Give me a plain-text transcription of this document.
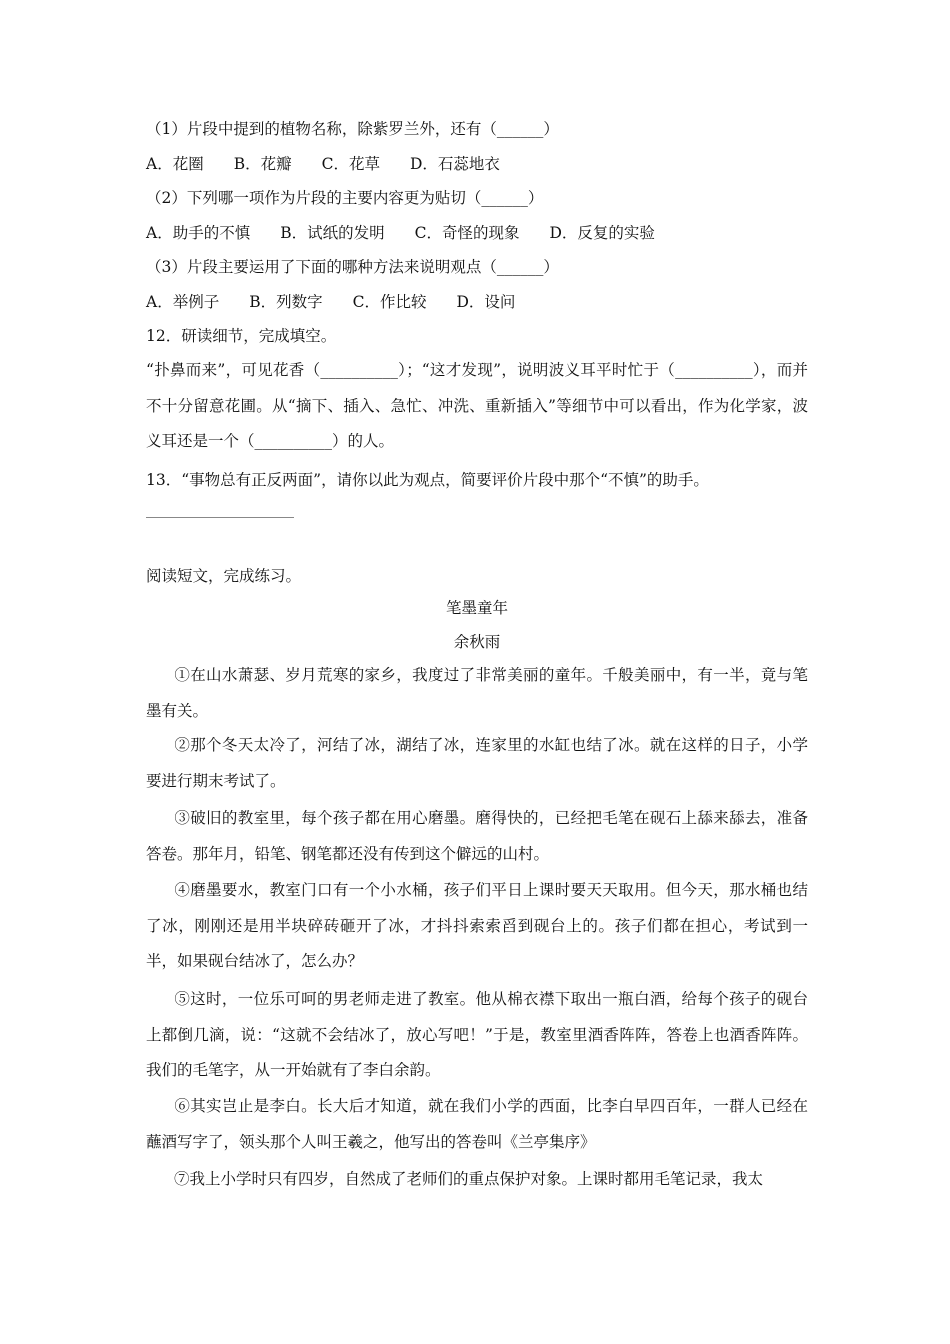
（1）片段中提到的植物名称，除紫罗兰外，还有（______）
A．花圈 B．花瓣 C．花草 D．石蕊地衣
（2）下列哪一项作为片段的主要内容更为贴切（______）
A．助手的不慎 B．试纸的发明 C．奇怪的现象 D．反复的实验
（3）片段主要运用了下面的哪种方法来说明观点（______）
A．举例子 B．列数字 C．作比较 D．设问
12．研读细节，完成填空。
“扑鼻而来”，可见花香（__________）；“这才发现”，说明波义耳平时忙于（__________），而并不十分留意花圃。从“摘下、插入、急忙、冲洗、重新插入”等细节中可以看出，作为化学家，波义耳还是一个（__________）的人。
13．“事物总有正反两面”，请你以此为观点，简要评价片段中那个“不慎”的助手。
阅读短文，完成练习。
笔墨童年
余秋雨
①在山水萧瑟、岁月荒寒的家乡，我度过了非常美丽的童年。千般美丽中，有一半，竟与笔墨有关。
②那个冬天太冷了，河结了冰，湖结了冰，连家里的水缸也结了冰。就在这样的日子，小学要进行期末考试了。
③破旧的教室里，每个孩子都在用心磨墨。磨得快的，已经把毛笔在砚石上舔来舔去，准备答卷。那年月，铅笔、钢笔都还没有传到这个僻远的山村。
④磨墨要水，教室门口有一个小水桶，孩子们平日上课时要天天取用。但今天，那水桶也结了冰，刚刚还是用半块碎砖砸开了冰，才抖抖索索舀到砚台上的。孩子们都在担心，考试到一半，如果砚台结冰了，怎么办？
⑤这时，一位乐可呵的男老师走进了教室。他从棉衣襟下取出一瓶白酒，给每个孩子的砚台上都倒几滴，说：“这就不会结冰了，放心写吧！”于是，教室里酒香阵阵，答卷上也酒香阵阵。我们的毛笔字，从一开始就有了李白余韵。
⑥其实岂止是李白。长大后才知道，就在我们小学的西面，比李白早四百年，一群人已经在蘸酒写字了，领头那个人叫王羲之，他写出的答卷叫《兰亭集序》
⑦我上小学时只有四岁，自然成了老师们的重点保护对象。上课时都用毛笔记录，我太
